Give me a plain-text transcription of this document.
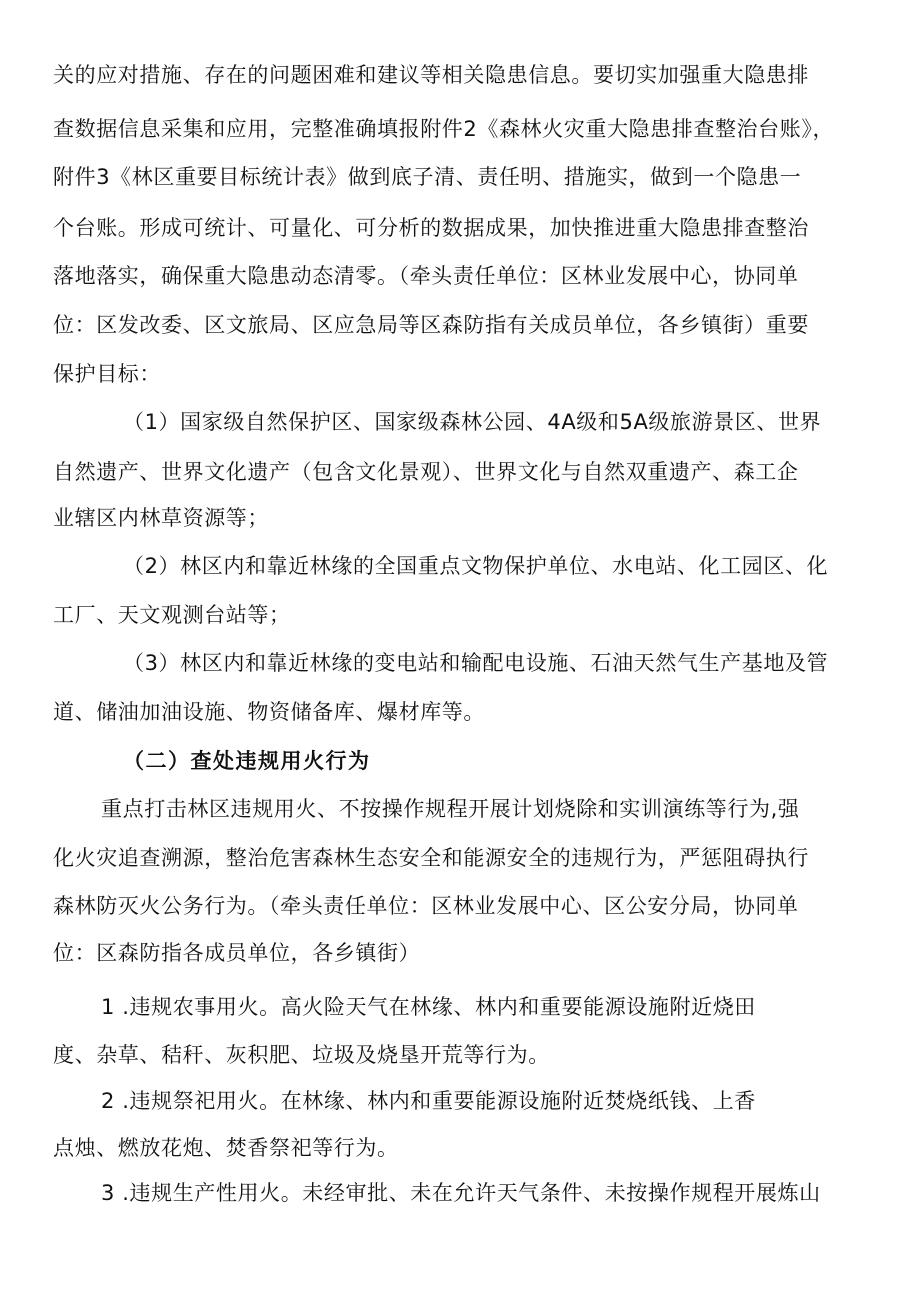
关的应对措施、存在的问题困难和建议等相关隐患信息。要切实加强重大隐患排
查数据信息采集和应用，完整准确填报附件2《森林火灾重大隐患排查整治台账》，
附件3《林区重要目标统计表》做到底子清、责任明、措施实，做到一个隐患一
个台账。形成可统计、可量化、可分析的数据成果，加快推进重大隐患排查整治
落地落实，确保重大隐患动态清零。（牵头责任单位：区林业发展中心，协同单
位：区发改委、区文旅局、区应急局等区森防指有关成员单位，各乡镇街）重要
保护目标：
（1）国家级自然保护区、国家级森林公园、4A级和5A级旅游景区、世界
自然遗产、世界文化遗产（包含文化景观）、世界文化与自然双重遗产、森工企
业辖区内林草资源等；
（2）林区内和靠近林缘的全国重点文物保护单位、水电站、化工园区、化
工厂、天文观测台站等；
（3）林区内和靠近林缘的变电站和输配电设施、石油天然气生产基地及管
道、储油加油设施、物资储备库、爆材库等。
（二）查处违规用火行为
重点打击林区违规用火、不按操作规程开展计划烧除和实训演练等行为,强
化火灾追查溯源，整治危害森林生态安全和能源安全的违规行为，严惩阻碍执行
森林防灭火公务行为。（牵头责任单位：区林业发展中心、区公安分局，协同单
位：区森防指各成员单位，各乡镇街）
1 .违规农事用火。高火险天气在林缘、林内和重要能源设施附近烧田
度、杂草、秸秆、灰积肥、垃圾及烧垦开荒等行为。
2 .违规祭祀用火。在林缘、林内和重要能源设施附近焚烧纸钱、上香
点烛、燃放花炮、焚香祭祀等行为。
3 .违规生产性用火。未经审批、未在允许天气条件、未按操作规程开展炼山
